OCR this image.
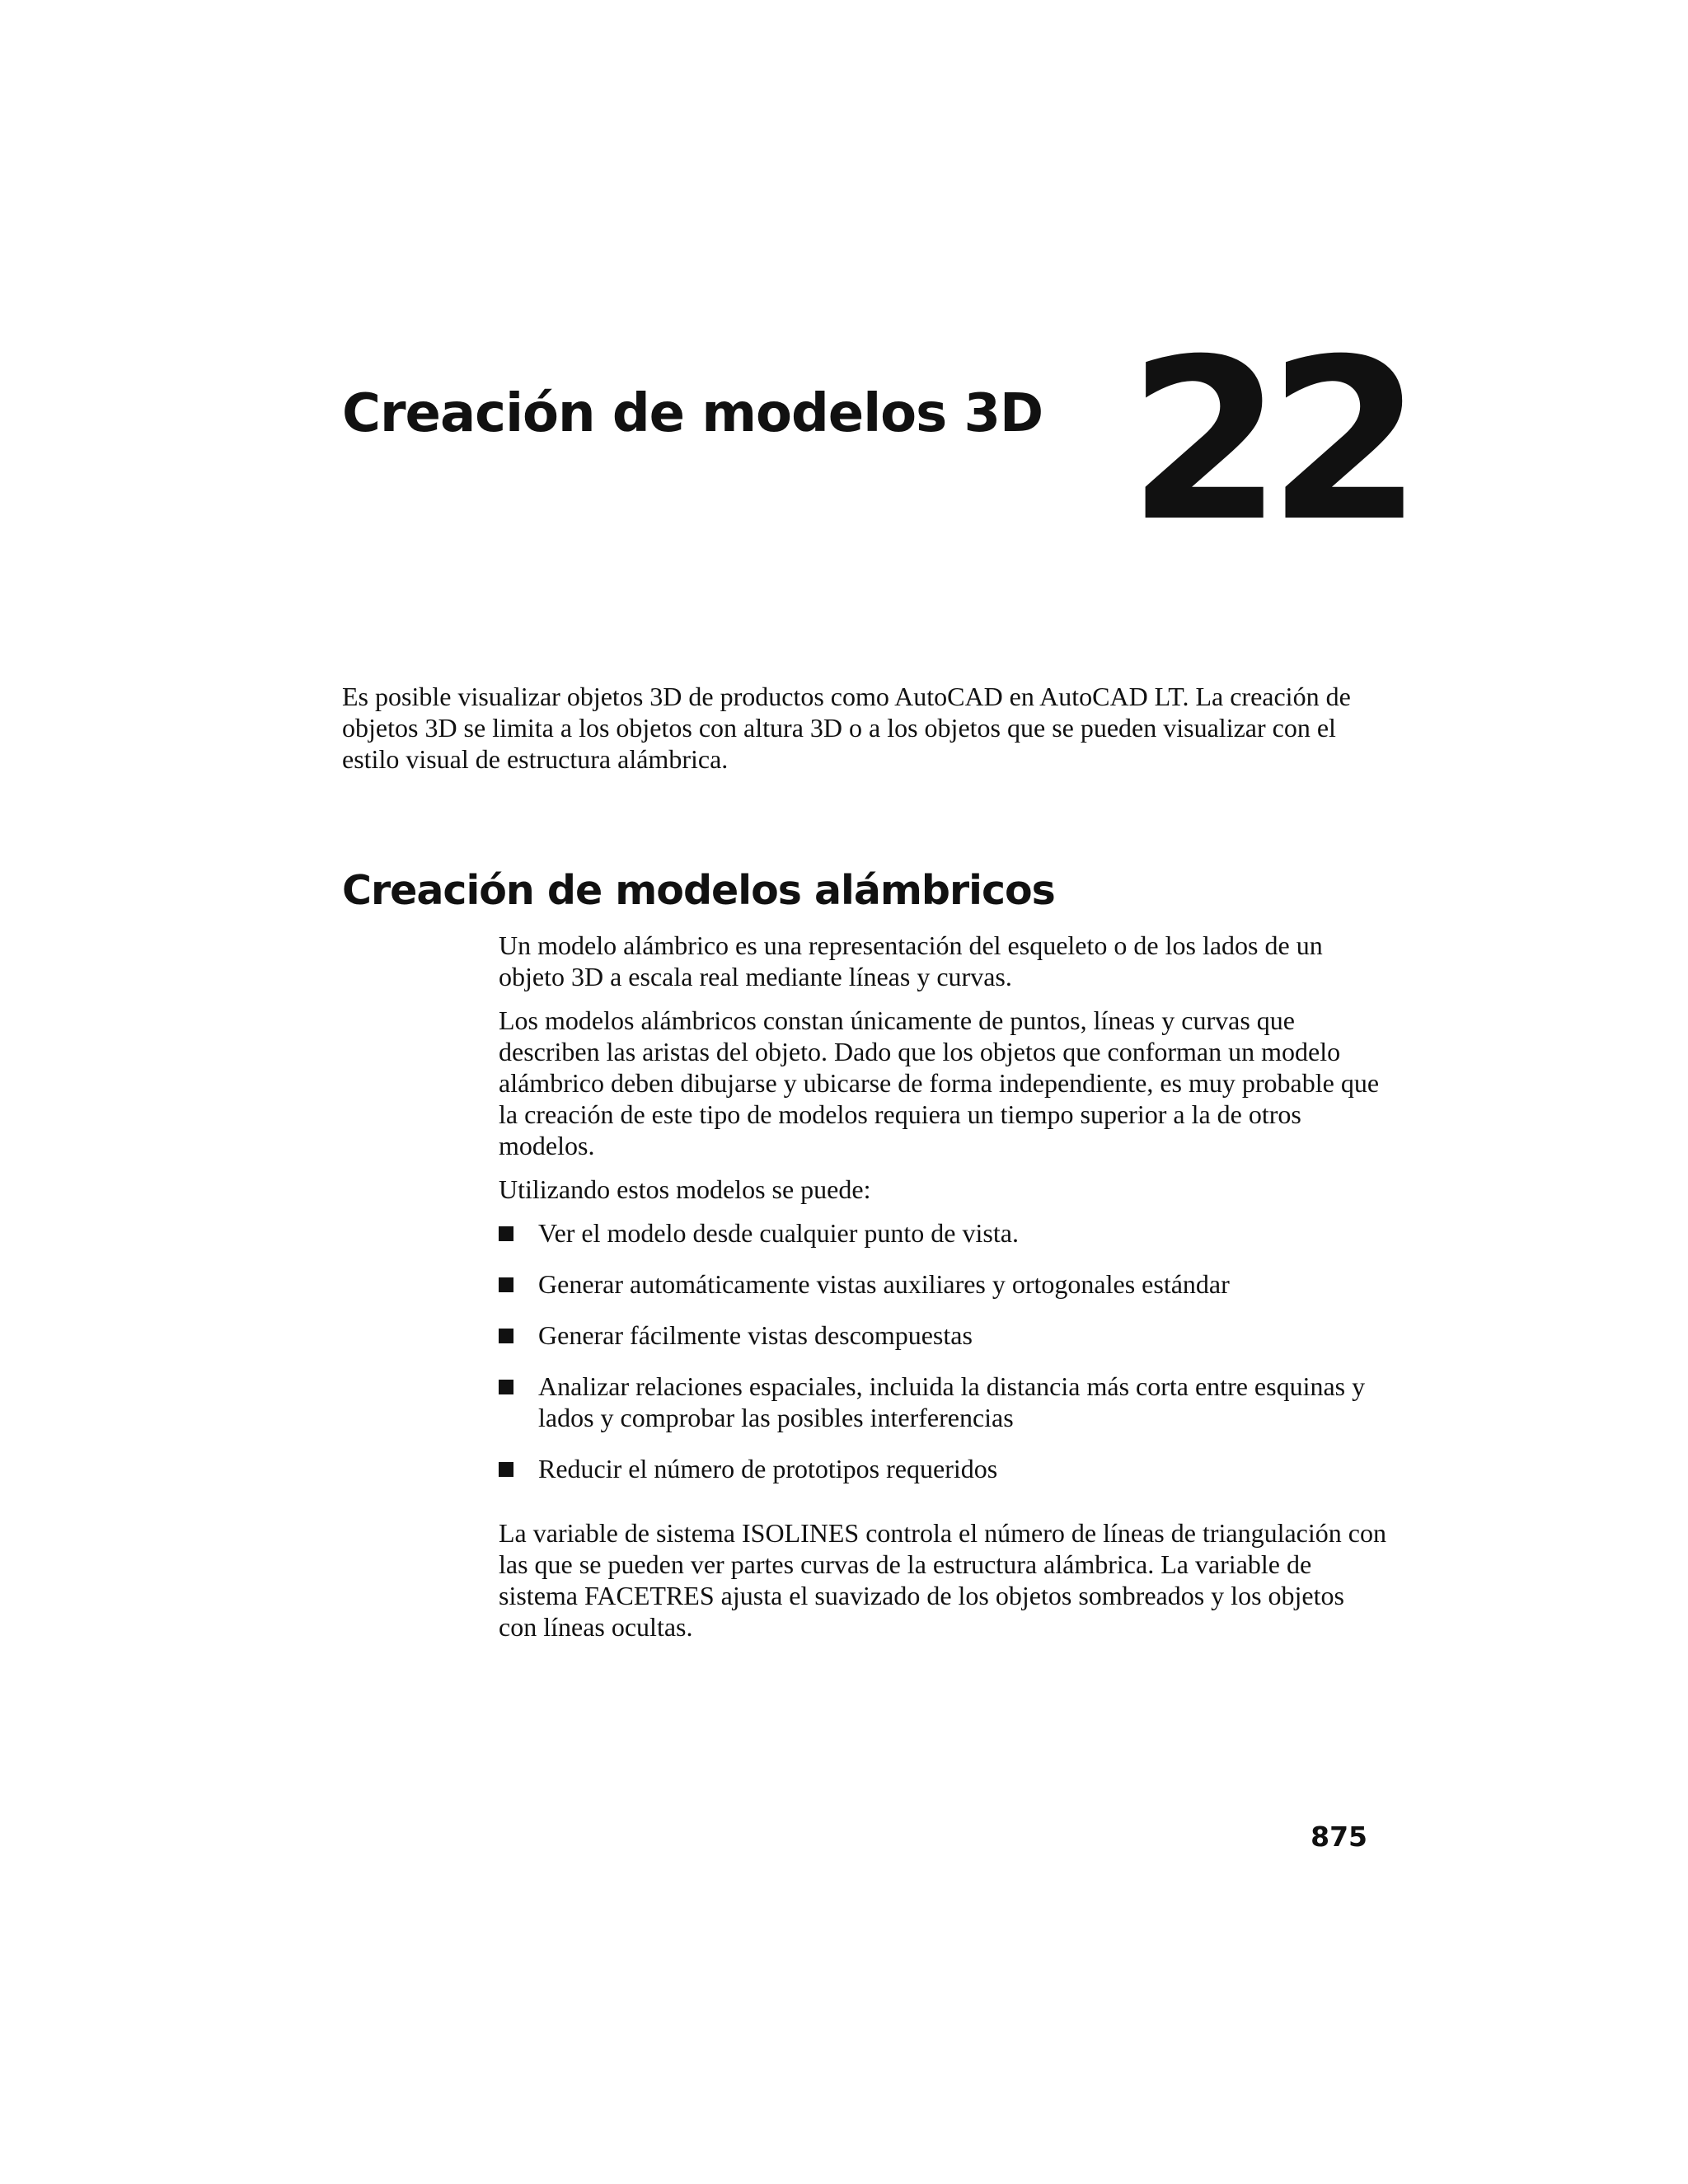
Creación de modelos 3D 22

Es posible visualizar objetos 3D de productos como AutoCAD en AutoCAD LT. La creación de objetos 3D se limita a los objetos con altura 3D o a los objetos que se pueden visualizar con el estilo visual de estructura alámbrica.

Creación de modelos alámbricos

Un modelo alámbrico es una representación del esqueleto o de los lados de un objeto 3D a escala real mediante líneas y curvas.

Los modelos alámbricos constan únicamente de puntos, líneas y curvas que describen las aristas del objeto. Dado que los objetos que conforman un modelo alámbrico deben dibujarse y ubicarse de forma independiente, es muy probable que la creación de este tipo de modelos requiera un tiempo superior a la de otros modelos.

Utilizando estos modelos se puede:

Ver el modelo desde cualquier punto de vista.
Generar automáticamente vistas auxiliares y ortogonales estándar
Generar fácilmente vistas descompuestas
Analizar relaciones espaciales, incluida la distancia más corta entre esquinas y lados y comprobar las posibles interferencias
Reducir el número de prototipos requeridos

La variable de sistema ISOLINES controla el número de líneas de triangulación con las que se pueden ver partes curvas de la estructura alámbrica. La variable de sistema FACETRES ajusta el suavizado de los objetos sombreados y los objetos con líneas ocultas.

875
